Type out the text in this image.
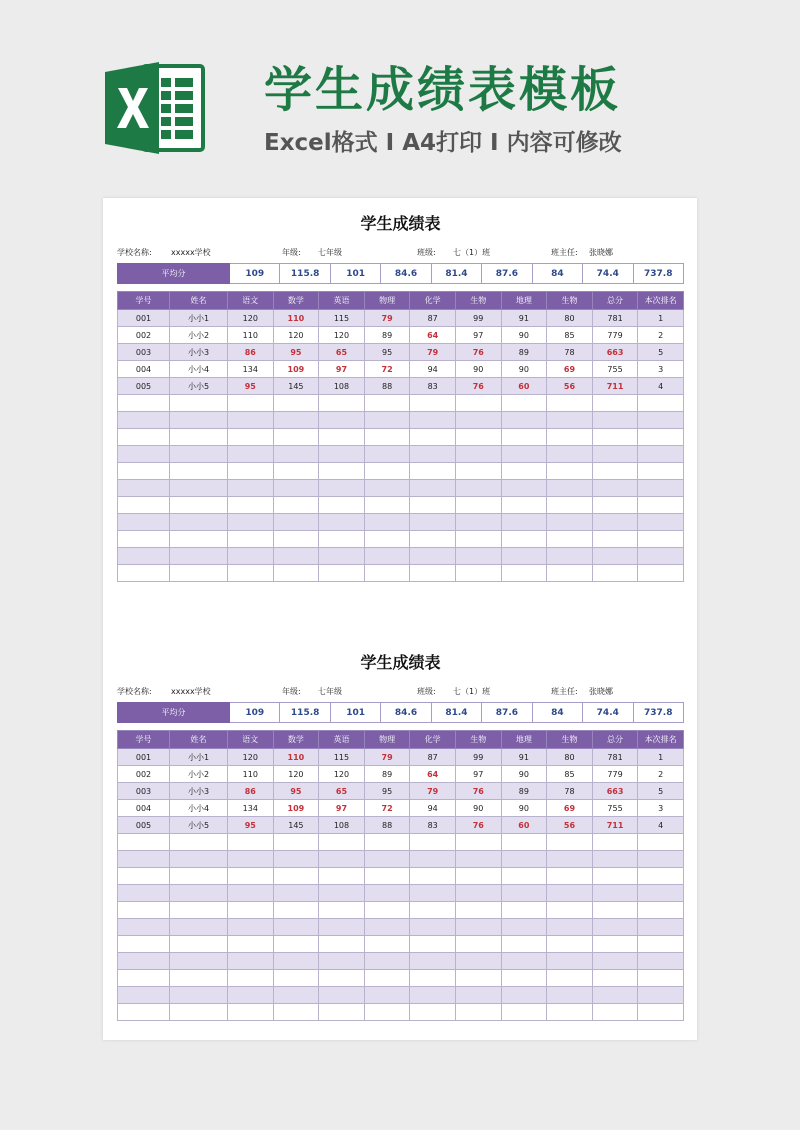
学生成绩表模板
Excel格式 I A4打印 I 内容可修改
学生成绩表
学校名称: xxxxx学校	年级: 七年级	班级: 七（1）班	班主任: 张晓娜
平均分	109	115.8	101	84.6	81.4	87.6	84	74.4	737.8
学号	姓名	语文	数学	英语	物理	化学	生物	地理	生物	总分	本次排名
001	小小1	120	110	115	79	87	99	91	80	781	1
002	小小2	110	120	120	89	64	97	90	85	779	2
003	小小3	86	95	65	95	79	76	89	78	663	5
004	小小4	134	109	97	72	94	90	90	69	755	3
005	小小5	95	145	108	88	83	76	60	56	711	4

学生成绩表
学校名称: xxxxx学校	年级: 七年级	班级: 七（1）班	班主任: 张晓娜
平均分	109	115.8	101	84.6	81.4	87.6	84	74.4	737.8
学号	姓名	语文	数学	英语	物理	化学	生物	地理	生物	总分	本次排名
001	小小1	120	110	115	79	87	99	91	80	781	1
002	小小2	110	120	120	89	64	97	90	85	779	2
003	小小3	86	95	65	95	79	76	89	78	663	5
004	小小4	134	109	97	72	94	90	90	69	755	3
005	小小5	95	145	108	88	83	76	60	56	711	4
